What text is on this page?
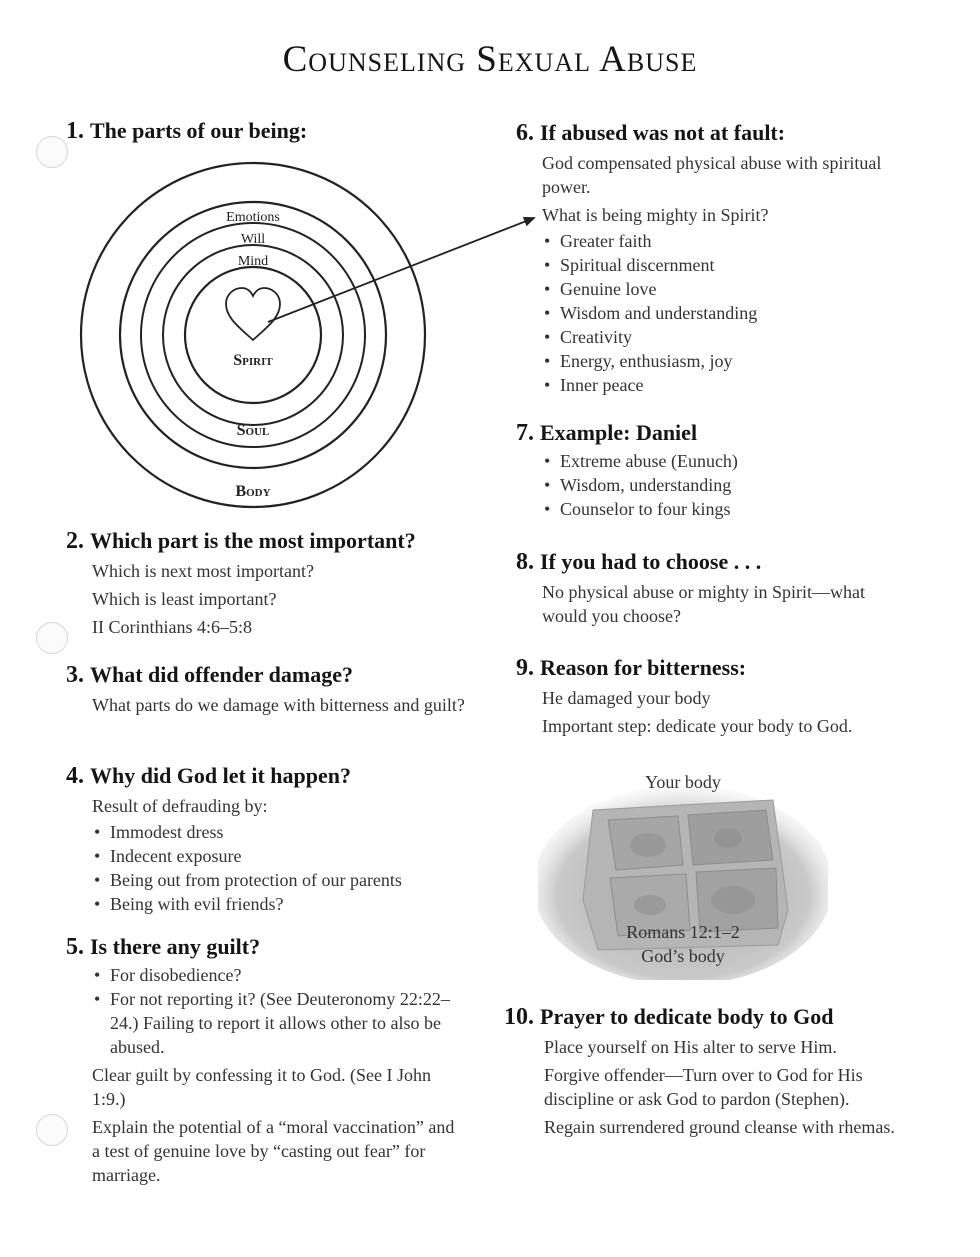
Counseling Sexual Abuse
1. The parts of our being:
Emotions
Will
Mind
Spirit
Soul
Body
2. Which part is the most important?

Which is next most important?

Which is least important?

II Corinthians 4:6–5:8

3. What did offender damage?

What parts do we damage with bitterness and guilt?

4. Why did God let it happen?

Result of defrauding by:

• Immodest dress
• Indecent exposure
• Being out from protection of our parents
• Being with evil friends?
5. Is there any guilt?
• For disobedience?
• For not reporting it? (See Deuteronomy 22:22–24.) Failing to report it allows other to also be abused.

Clear guilt by confessing it to God. (See I John 1:9.)

Explain the potential of a “moral vaccination” and a test of genuine love by “casting out fear” for marriage.

6. If abused was not at fault:

God compensated physical abuse with spiritual power.

What is being mighty in Spirit?

• Greater faith
• Spiritual discernment
• Genuine love
• Wisdom and understanding
• Creativity
• Energy, enthusiasm, joy
• Inner peace
7. Example: Daniel
• Extreme abuse (Eunuch)
• Wisdom, understanding
• Counselor to four kings
8. If you had to choose . . .

No physical abuse or mighty in Spirit—what would you choose?

9. Reason for bitterness:

He damaged your body

Important step: dedicate your body to God.

Your body
Romans 12:1–2
God’s body
10. Prayer to dedicate body to God

Place yourself on His alter to serve Him.

Forgive offender—Turn over to God for His discipline or ask God to pardon (Stephen).

Regain surrendered ground cleanse with rhemas.
